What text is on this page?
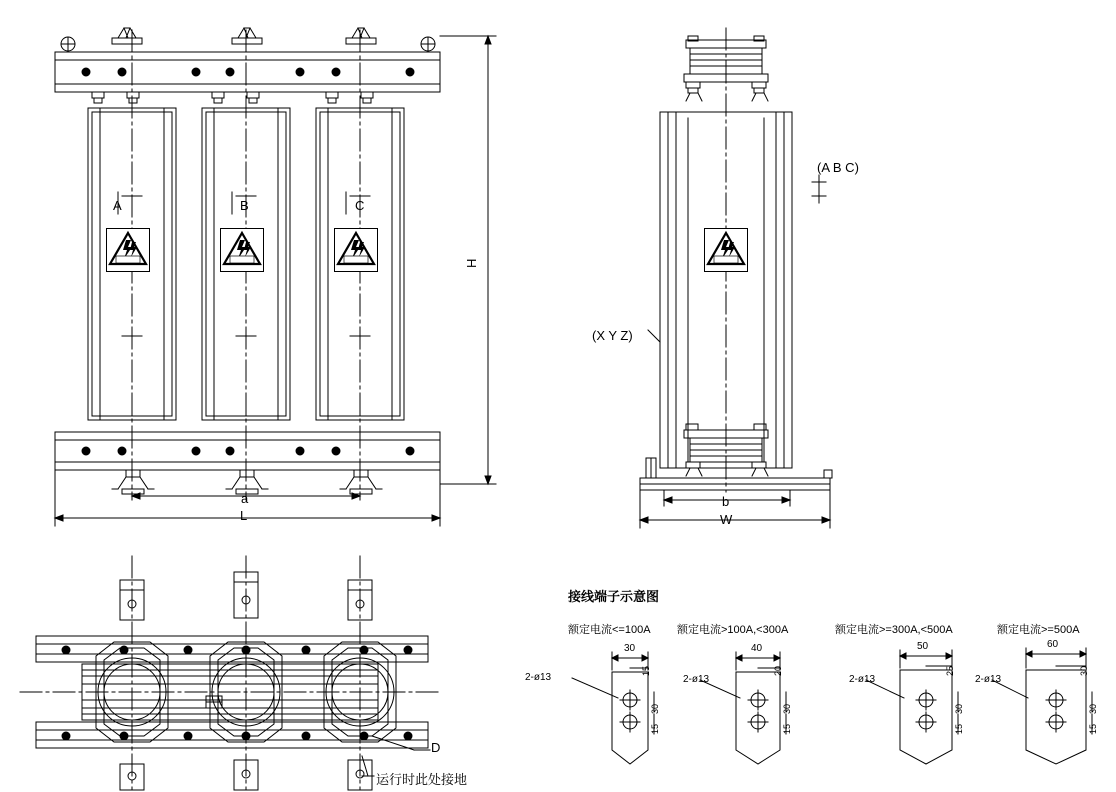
A	B	C
H
a
L
(A B C)
(X Y Z)
b
W
D
运行时此处接地
接线端子示意图
额定电流<=100A 额定电流>100A,<300A	额定电流>=300A,<500A	额定电流>=500A
2-ø13
30
15
30
15
2-ø13
40
20
30
15
2-ø13
50
25
30
15
2-ø13
60
30
30
15
